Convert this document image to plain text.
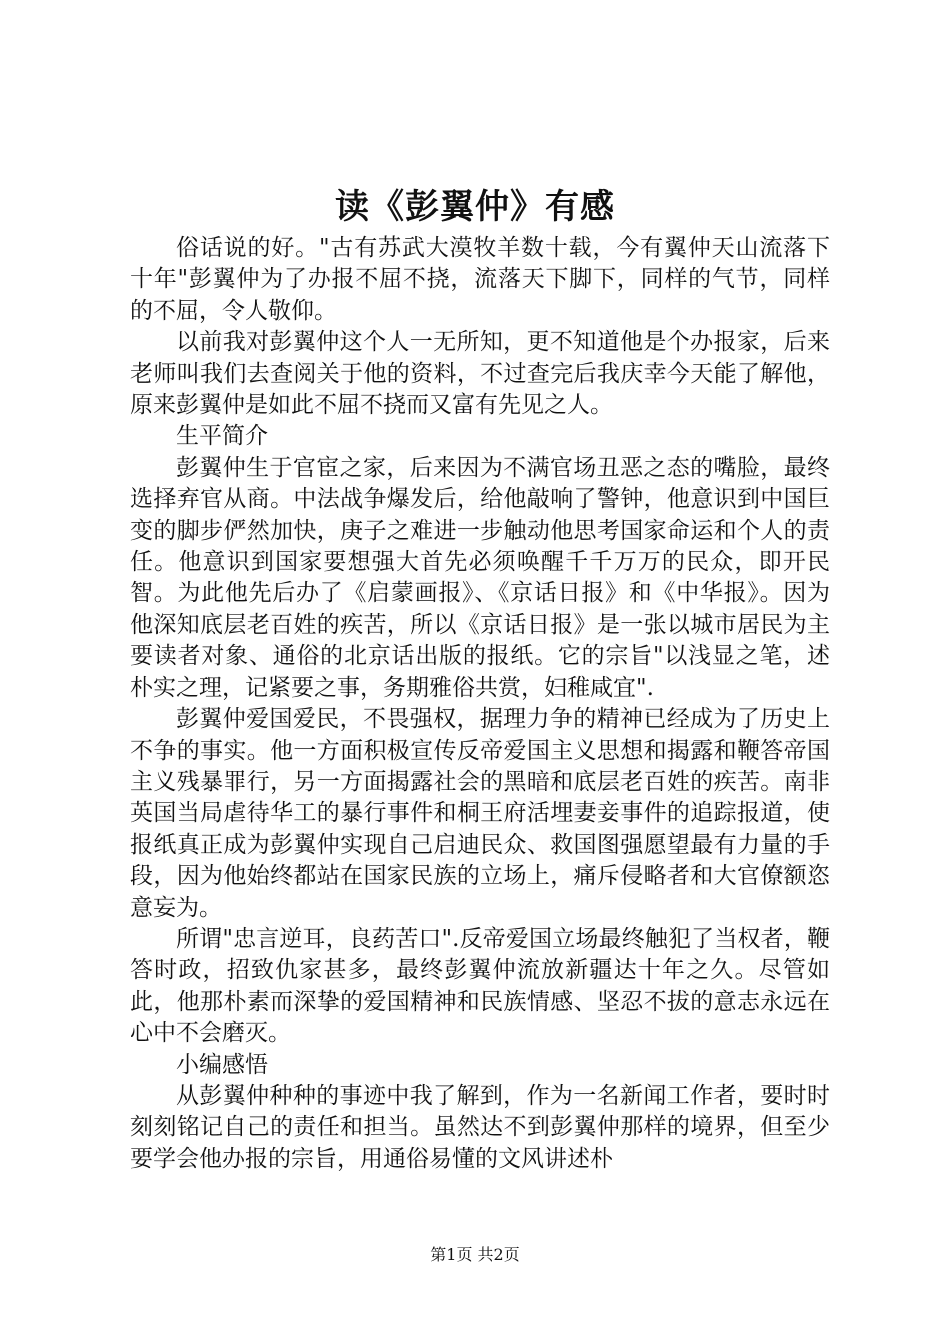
读《彭翼仲》有感

俗话说的好。"古有苏武大漠牧羊数十载，今有翼仲天山流落下十年"彭翼仲为了办报不屈不挠，流落天下脚下，同样的气节，同样的不屈，令人敬仰。

以前我对彭翼仲这个人一无所知，更不知道他是个办报家，后来老师叫我们去查阅关于他的资料，不过查完后我庆幸今天能了解他，原来彭翼仲是如此不屈不挠而又富有先见之人。

生平简介

彭翼仲生于官宦之家，后来因为不满官场丑恶之态的嘴脸，最终选择弃官从商。中法战争爆发后，给他敲响了警钟，他意识到中国巨变的脚步俨然加快，庚子之难进一步触动他思考国家命运和个人的责任。他意识到国家要想强大首先必须唤醒千千万万的民众，即开民智。为此他先后办了《启蒙画报》、《京话日报》和《中华报》。因为他深知底层老百姓的疾苦，所以《京话日报》是一张以城市居民为主要读者对象、通俗的北京话出版的报纸。它的宗旨"以浅显之笔，述朴实之理，记紧要之事，务期雅俗共赏，妇稚咸宜".

彭翼仲爱国爱民，不畏强权，据理力争的精神已经成为了历史上不争的事实。他一方面积极宣传反帝爱国主义思想和揭露和鞭答帝国主义残暴罪行，另一方面揭露社会的黑暗和底层老百姓的疾苦。南非英国当局虐待华工的暴行事件和桐王府活埋妻妾事件的追踪报道，使报纸真正成为彭翼仲实现自己启迪民众、救国图强愿望最有力量的手段，因为他始终都站在国家民族的立场上，痛斥侵略者和大官僚额恣意妄为。

所谓"忠言逆耳，良药苦口".反帝爱国立场最终触犯了当权者，鞭答时政，招致仇家甚多，最终彭翼仲流放新疆达十年之久。尽管如此，他那朴素而深挚的爱国精神和民族情感、坚忍不拔的意志永远在心中不会磨灭。

小编感悟

从彭翼仲种种的事迹中我了解到，作为一名新闻工作者，要时时刻刻铭记自己的责任和担当。虽然达不到彭翼仲那样的境界，但至少要学会他办报的宗旨，用通俗易懂的文风讲述朴

第1页 共2页
